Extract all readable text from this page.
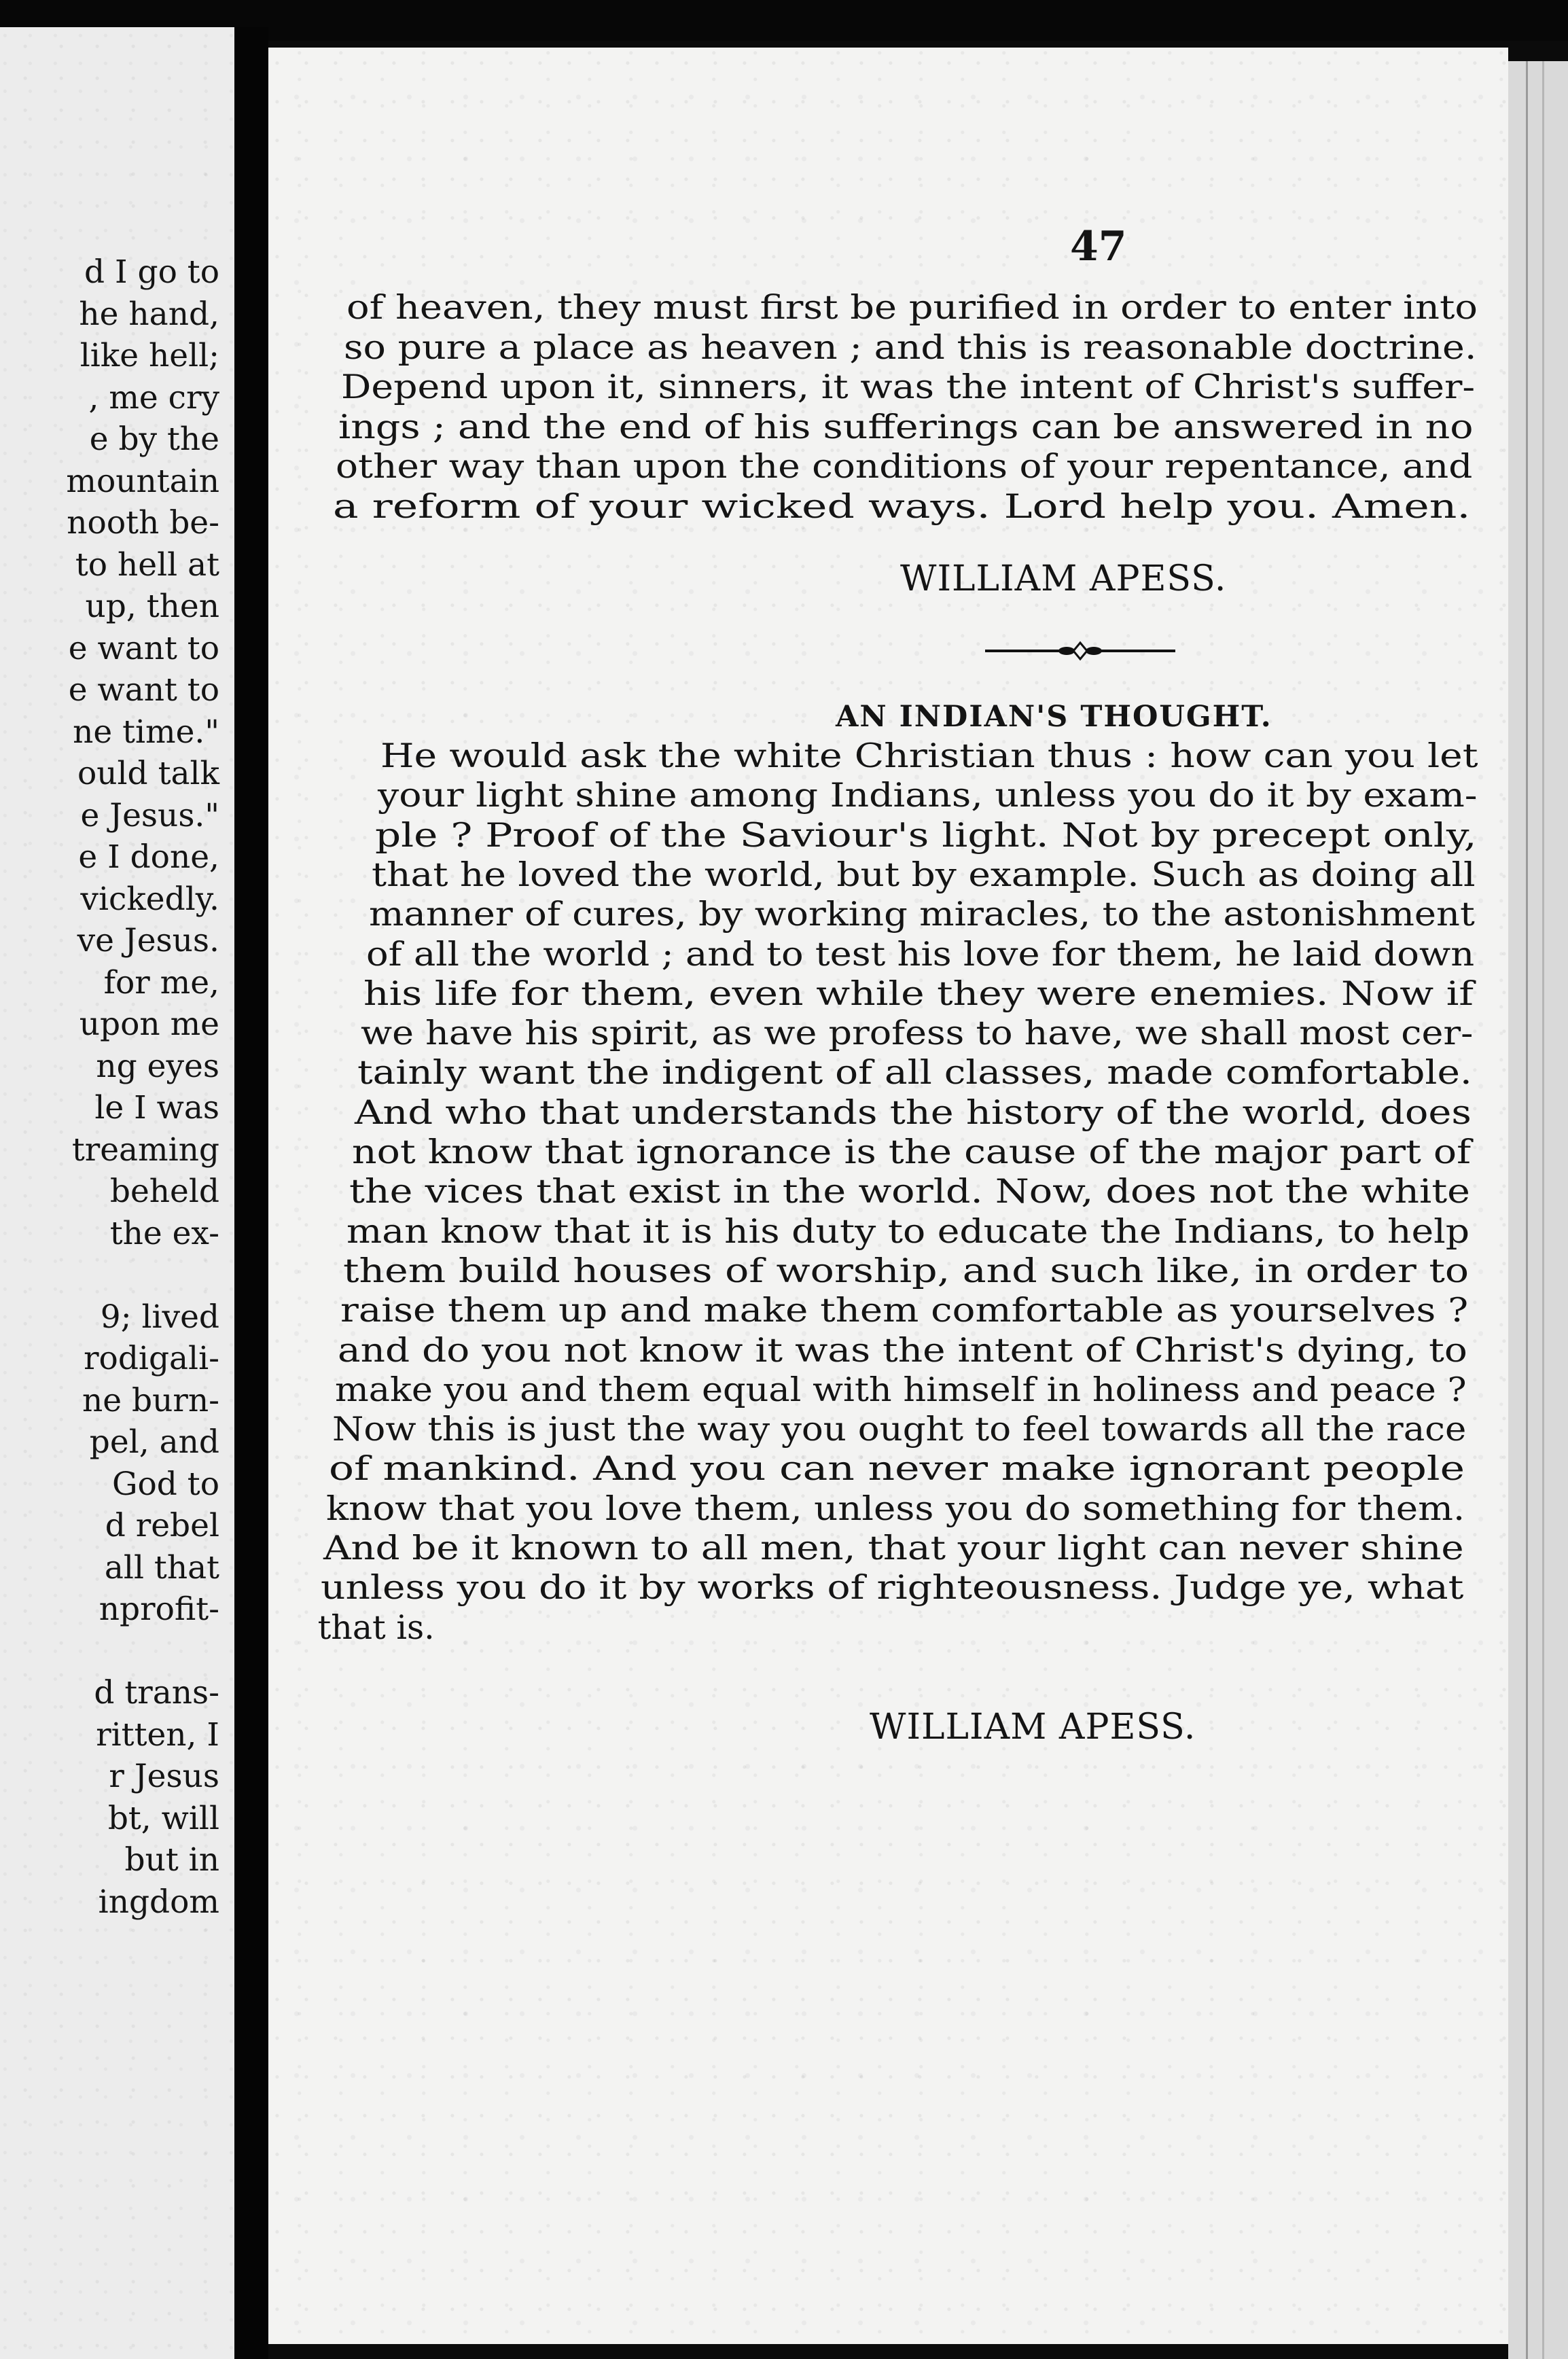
d I go to
he hand,
like hell;
, me cry
e by the
mountain
nooth be-
to hell at
up, then
e want to
e want to
ne time."
ould talk
e Jesus."
e I done,
vickedly.
ve Jesus.
for me,
upon me
ng eyes
le I was
treaming
beheld
the ex-

9; lived
rodigali-
ne burn-
pel, and
God to
d rebel
all that
nprofit-

d trans-
ritten, I
r Jesus
bt, will
but in
ingdom
47
of heaven, they must first be purified in order to enter into
so pure a place as heaven ; and this is reasonable doctrine.
Depend upon it, sinners, it was the intent of Christ's suffer-
ings ; and the end of his sufferings can be answered in no
other way than upon the conditions of your repentance, and
a reform of your wicked ways. Lord help you. Amen.
WILLIAM APESS.
AN INDIAN'S THOUGHT.
He would ask the white Christian thus : how can you let
your light shine among Indians, unless you do it by exam-
ple ? Proof of the Saviour's light. Not by precept only,
that he loved the world, but by example. Such as doing all
manner of cures, by working miracles, to the astonishment
of all the world ; and to test his love for them, he laid down
his life for them, even while they were enemies. Now if
we have his spirit, as we profess to have, we shall most cer-
tainly want the indigent of all classes, made comfortable.
And who that understands the history of the world, does
not know that ignorance is the cause of the major part of
the vices that exist in the world. Now, does not the white
man know that it is his duty to educate the Indians, to help
them build houses of worship, and such like, in order to
raise them up and make them comfortable as yourselves ?
and do you not know it was the intent of Christ's dying, to
make you and them equal with himself in holiness and peace ?
Now this is just the way you ought to feel towards all the race
of mankind. And you can never make ignorant people
know that you love them, unless you do something for them.
And be it known to all men, that your light can never shine
unless you do it by works of righteousness. Judge ye, what
that is.
WILLIAM APESS.
